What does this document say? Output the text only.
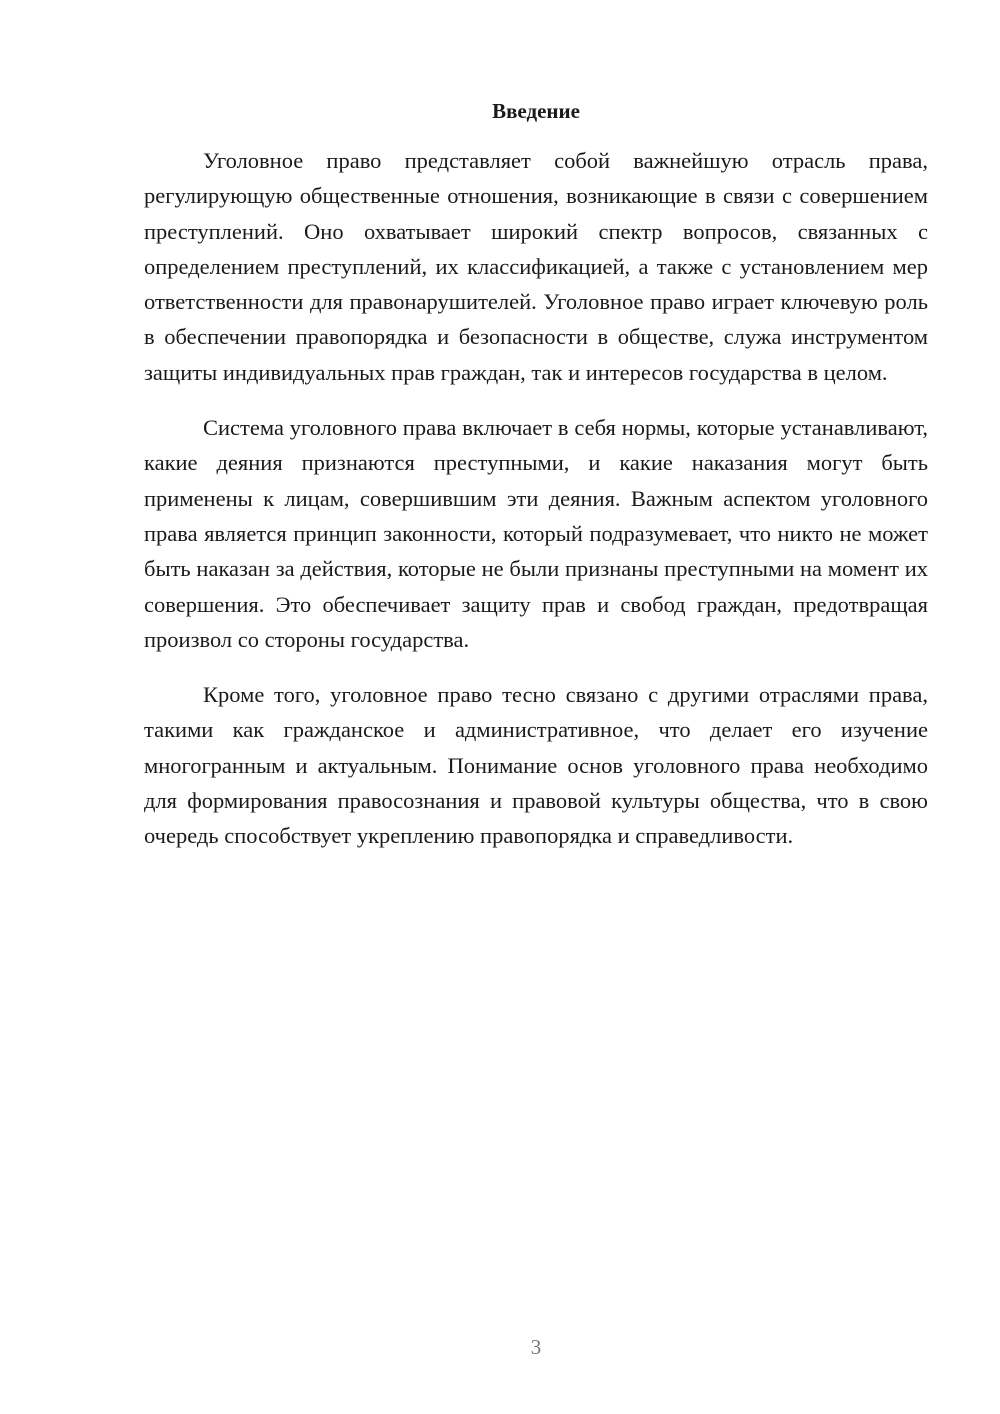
Введение

Уголовное право представляет собой важнейшую отрасль права, регулирующую общественные отношения, возникающие в связи с совершением преступлений. Оно охватывает широкий спектр вопросов, связанных с определением преступлений, их классификацией, а также с установлением мер ответственности для правонарушителей. Уголовное право играет ключевую роль в обеспечении правопорядка и безопасности в обществе, служа инструментом защиты индивидуальных прав граждан, так и интересов государства в целом.

Система уголовного права включает в себя нормы, которые устанавливают, какие деяния признаются преступными, и какие наказания могут быть применены к лицам, совершившим эти деяния. Важным аспектом уголовного права является принцип законности, который подразумевает, что никто не может быть наказан за действия, которые не были признаны преступными на момент их совершения. Это обеспечивает защиту прав и свобод граждан, предотвращая произвол со стороны государства.

Кроме того, уголовное право тесно связано с другими отраслями права, такими как гражданское и административное, что делает его изучение многогранным и актуальным. Понимание основ уголовного права необходимо для формирования правосознания и правовой культуры общества, что в свою очередь способствует укреплению правопорядка и справедливости.

3
